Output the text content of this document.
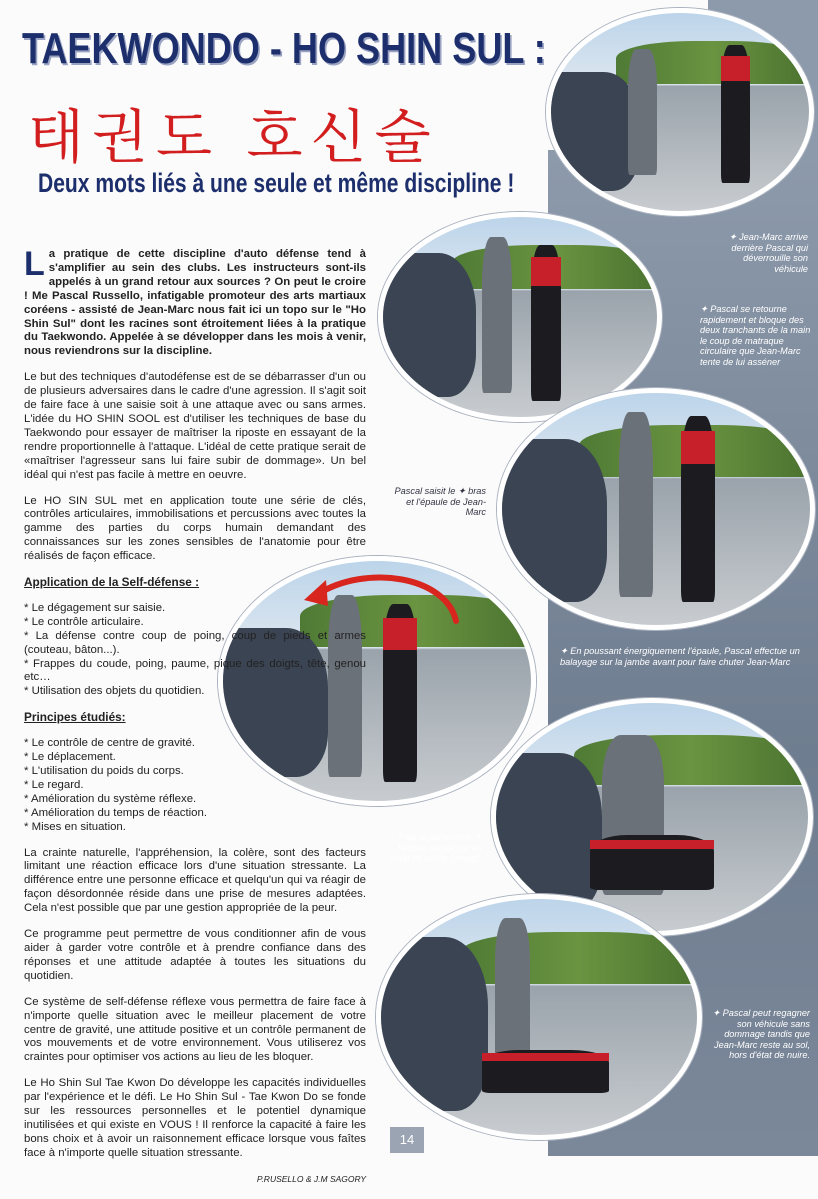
TAEKWONDO - HO SHIN SUL :
태권도 호신술
Deux mots liés à une seule et même discipline !

✦ Jean-Marc arrive derrière Pascal qui déverrouille son véhicule

✦ Pascal se retourne rapidement et bloque des deux tranchants de la main le coup de matraque circulaire que Jean-Marc tente de lui asséner

Pascal saisit le ✦ bras et l'épaule de Jean-Marc

✦ En poussant énergiquement l'épaule, Pascal effectue un balayage sur la jambe avant pour faire chuter Jean-Marc

Pascal parachève ✦ l'action au sol par un coup de poing (jileugi).

✦ Pascal peut regagner son véhicule sans dommage tandis que Jean-Marc reste au sol, hors d'état de nuire.

La pratique de cette discipline d'auto défense tend à s'amplifier au sein des clubs. Les instructeurs sont-ils appelés à un grand retour aux sources ? On peut le croire ! Me Pascal Russello, infatigable promoteur des arts martiaux coréens - assisté de Jean-Marc nous fait ici un topo sur le "Ho Shin Sul" dont les racines sont étroitement liées à la pratique du Taekwondo. Appelée à se développer dans les mois à venir, nous reviendrons sur la discipline.

Le but des techniques d'autodéfense est de se débarrasser d'un ou de plusieurs adversaires dans le cadre d'une agression. Il s'agit soit de faire face à une saisie soit à une attaque avec ou sans armes. L'idée du HO SHIN SOOL est d'utiliser les techniques de base du Taekwondo pour essayer de maîtriser la riposte en essayant de la rendre proportionnelle à l'attaque. L'idéal de cette pratique serait de «maîtriser l'agresseur sans lui faire subir de dommage». Un bel idéal qui n'est pas facile à mettre en oeuvre.

Le HO SIN SUL met en application toute une série de clés, contrôles articulaires, immobilisations et percussions avec toutes la gamme des parties du corps humain demandant des connaissances sur les zones sensibles de l'anatomie pour être réalisés de façon efficace.

Application de la Self-défense :

* Le dégagement sur saisie.
* Le contrôle articulaire.
* La défense contre coup de poing, coup de pieds et armes (couteau, bâton...).
* Frappes du coude, poing, paume, pique des doigts, tête, genou etc…
* Utilisation des objets du quotidien.

Principes étudiés:

* Le contrôle de centre de gravité.
* Le déplacement.
* L'utilisation du poids du corps.
* Le regard.
* Amélioration du système réflexe.
* Amélioration du temps de réaction.
* Mises en situation.

La crainte naturelle, l'appréhension, la colère, sont des facteurs limitant une réaction efficace lors d'une situation stressante. La différence entre une personne efficace et quelqu'un qui va réagir de façon désordonnée réside dans une prise de mesures adaptées. Cela n'est possible que par une gestion appropriée de la peur.

Ce programme peut permettre de vous conditionner afin de vous aider à garder votre contrôle et à prendre confiance dans des réponses et une attitude adaptée à toutes les situations du quotidien.

Ce système de self-défense réflexe vous permettra de faire face à n'importe quelle situation avec le meilleur placement de votre centre de gravité, une attitude positive et un contrôle permanent de vos mouvements et de votre environnement. Vous utiliserez vos craintes pour optimiser vos actions au lieu de les bloquer.

Le Ho Shin Sul Tae Kwon Do développe les capacités individuelles par l'expérience et le défi. Le Ho Shin Sul - Tae Kwon Do se fonde sur les ressources personnelles et le potentiel dynamique inutilisées et qui existe en VOUS ! Il renforce la capacité à faire les bons choix et à avoir un raisonnement efficace lorsque vous faîtes face à n'importe quelle situation stressante.

P.RUSELLO & J.M SAGORY

14
